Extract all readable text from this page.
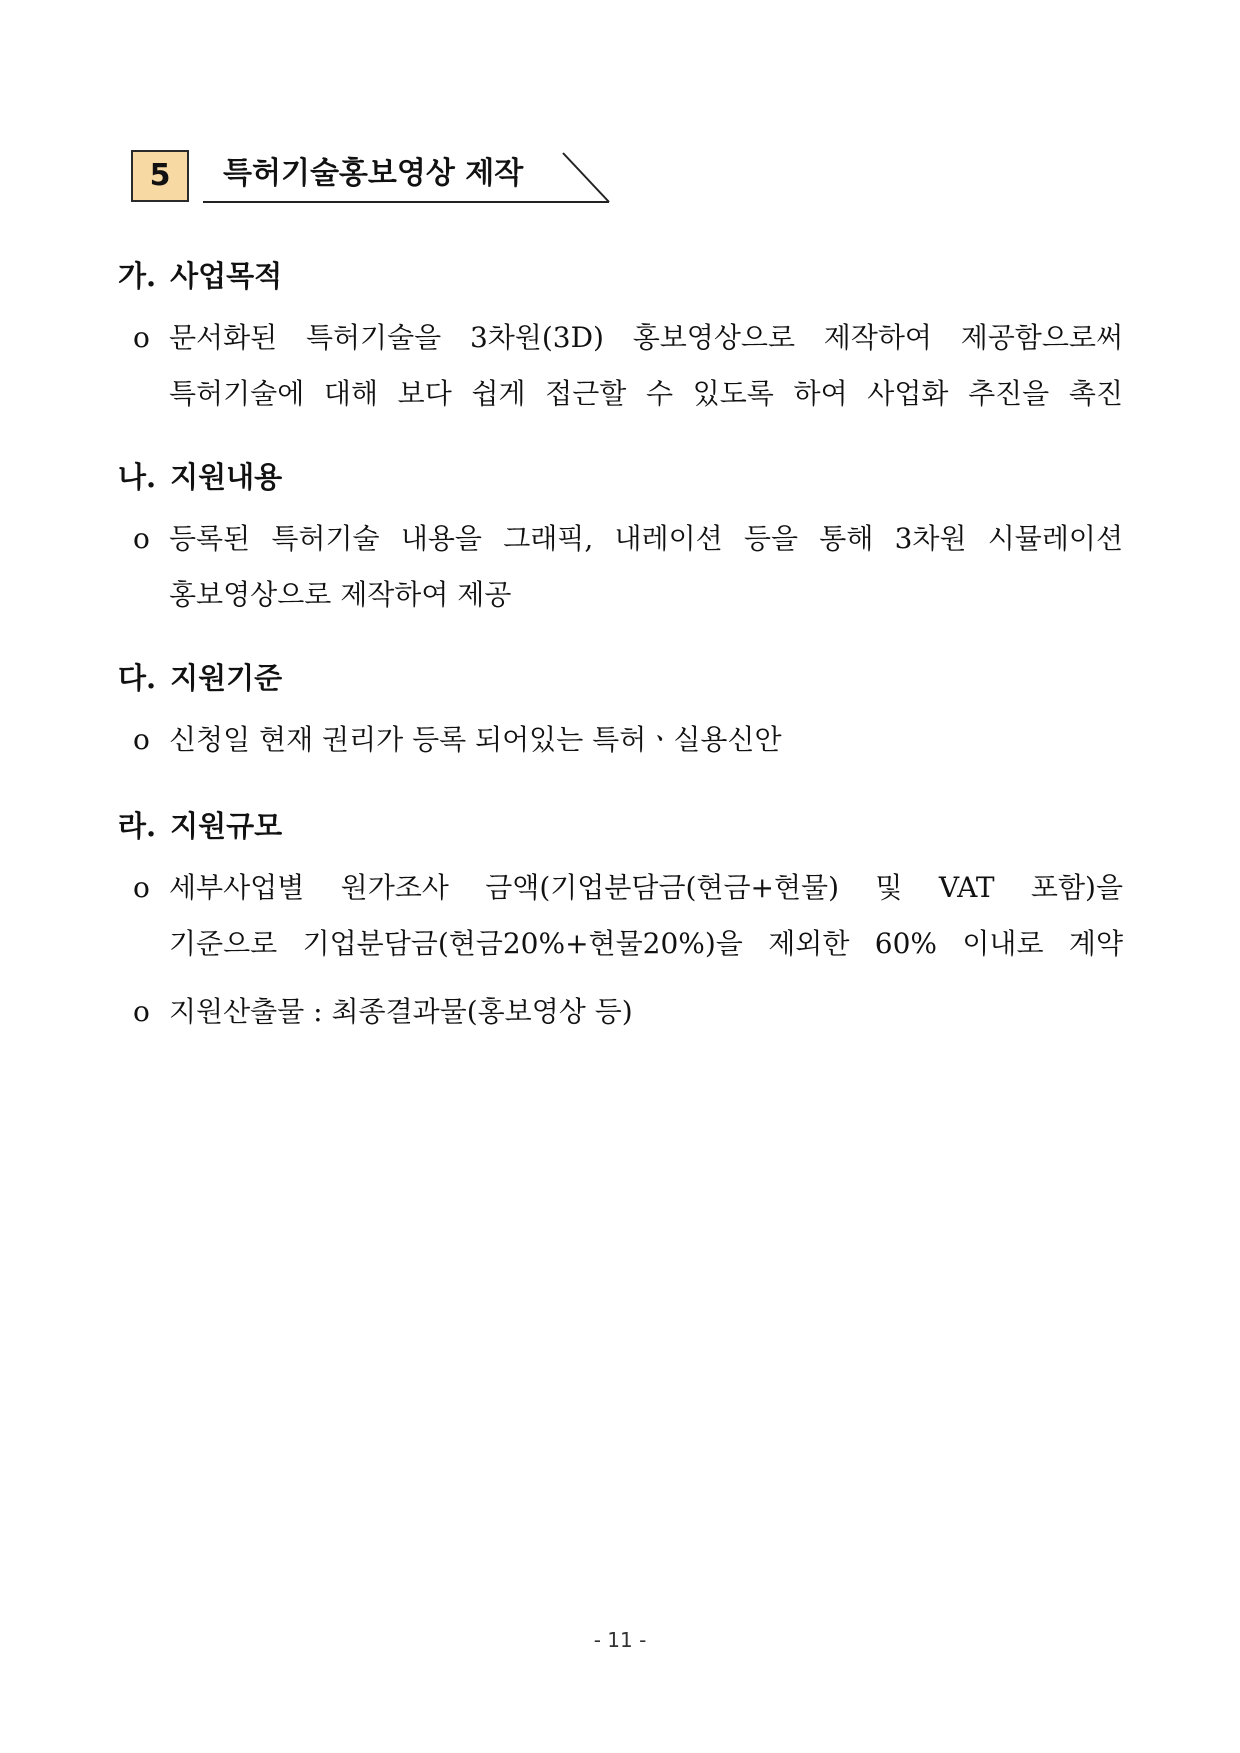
5	특허기술홍보영상 제작
가. 사업목적
o 문서화된 특허기술을 3차원(3D) 홍보영상으로 제작하여 제공함으로써
특허기술에 대해 보다 쉽게 접근할 수 있도록 하여 사업화 추진을 촉진
나. 지원내용
o 등록된 특허기술 내용을 그래픽, 내레이션 등을 통해 3차원 시뮬레이션
홍보영상으로 제작하여 제공
다. 지원기준
o 신청일 현재 권리가 등록 되어있는 특허ㆍ실용신안
라. 지원규모
o 세부사업별 원가조사 금액(기업분담금(현금+현물) 및 VAT 포함)을
기준으로 기업분담금(현금20%+현물20%)을 제외한 60% 이내로 계약
o 지원산출물 : 최종결과물(홍보영상 등)
- 11 -
